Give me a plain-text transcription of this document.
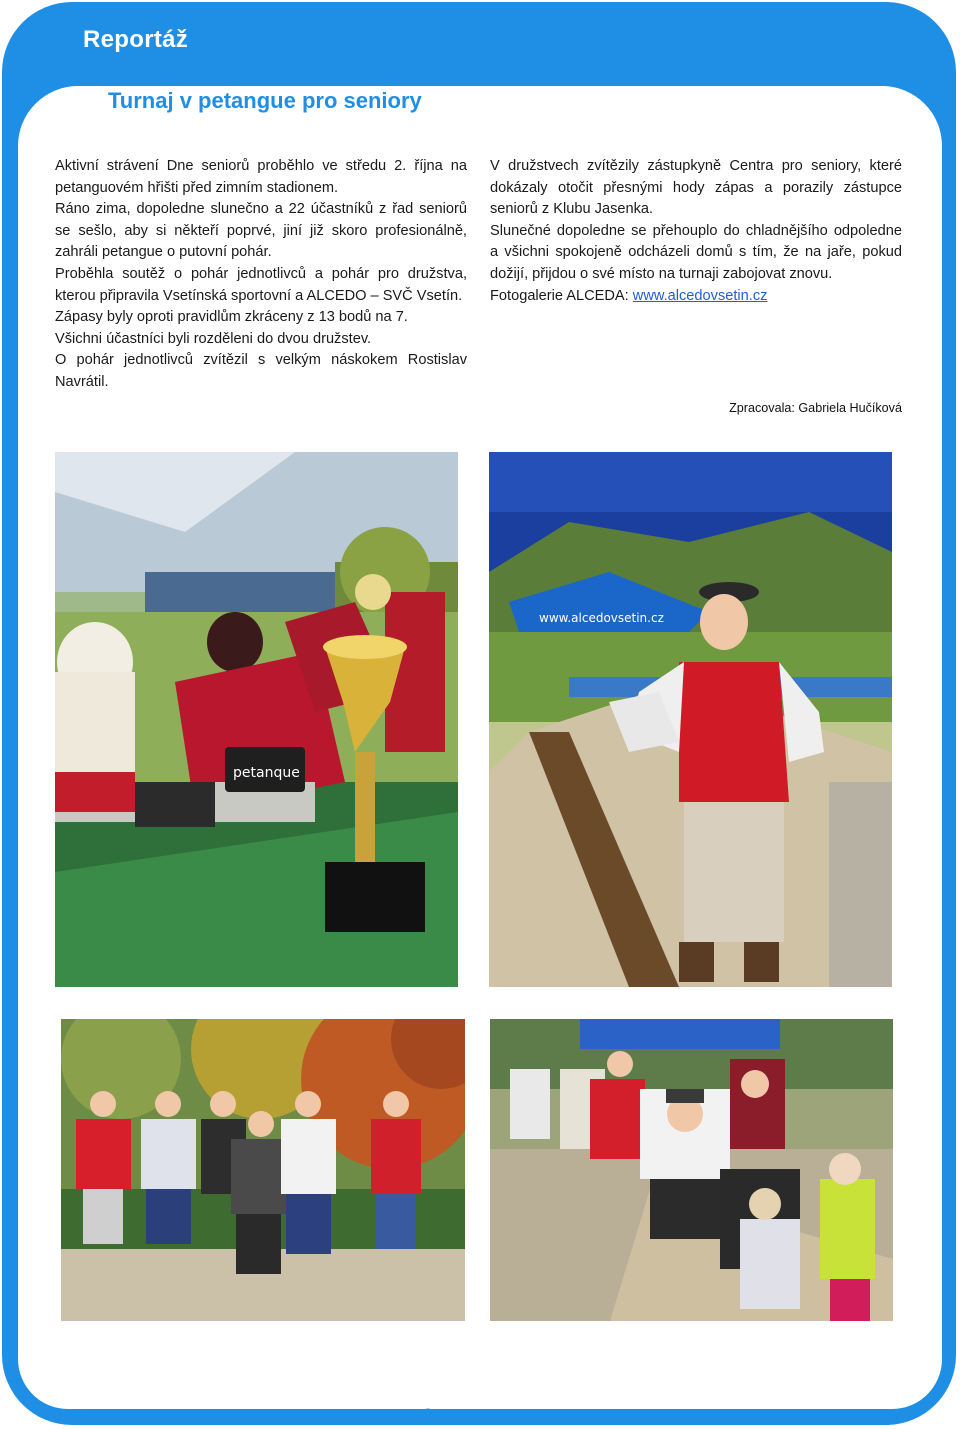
Reportáž
Turnaj v petangue pro seniory

Aktivní strávení Dne seniorů proběhlo ve středu 2. října na petanguovém hřišti před zimním stadionem.

Ráno zima, dopoledne slunečno a 22 účastníků z řad seniorů se sešlo, aby si někteří poprvé, jiní již skoro profesionálně, zahráli petangue o putovní pohár.

Proběhla soutěž o pohár jednotlivců a pohár pro družstva, kterou připravila Vsetínská sportovní a ALCEDO – SVČ Vsetín.

Zápasy byly oproti pravidlům zkráceny z 13 bodů na 7.

Všichni účastníci byli rozděleni do dvou družstev.

O pohár jednotlivců zvítězil s velkým náskokem Rostislav Navrátil.

V družstvech zvítězily zástupkyně Centra pro seniory, které dokázaly otočit přesnými hody zápas a porazily zástupce seniorů z Klubu Jasenka.

Slunečné dopoledne se přehouplo do chladnějšího odpoledne a všichni spokojeně odcházeli domů s tím, že na jaře, pokud dožijí, přijdou o své místo na turnaji zabojovat znovu.

Fotogalerie ALCEDA: www.alcedovsetin.cz

Zpracovala: Gabriela Hučíková
petanque
www.alcedovsetin.cz
9
